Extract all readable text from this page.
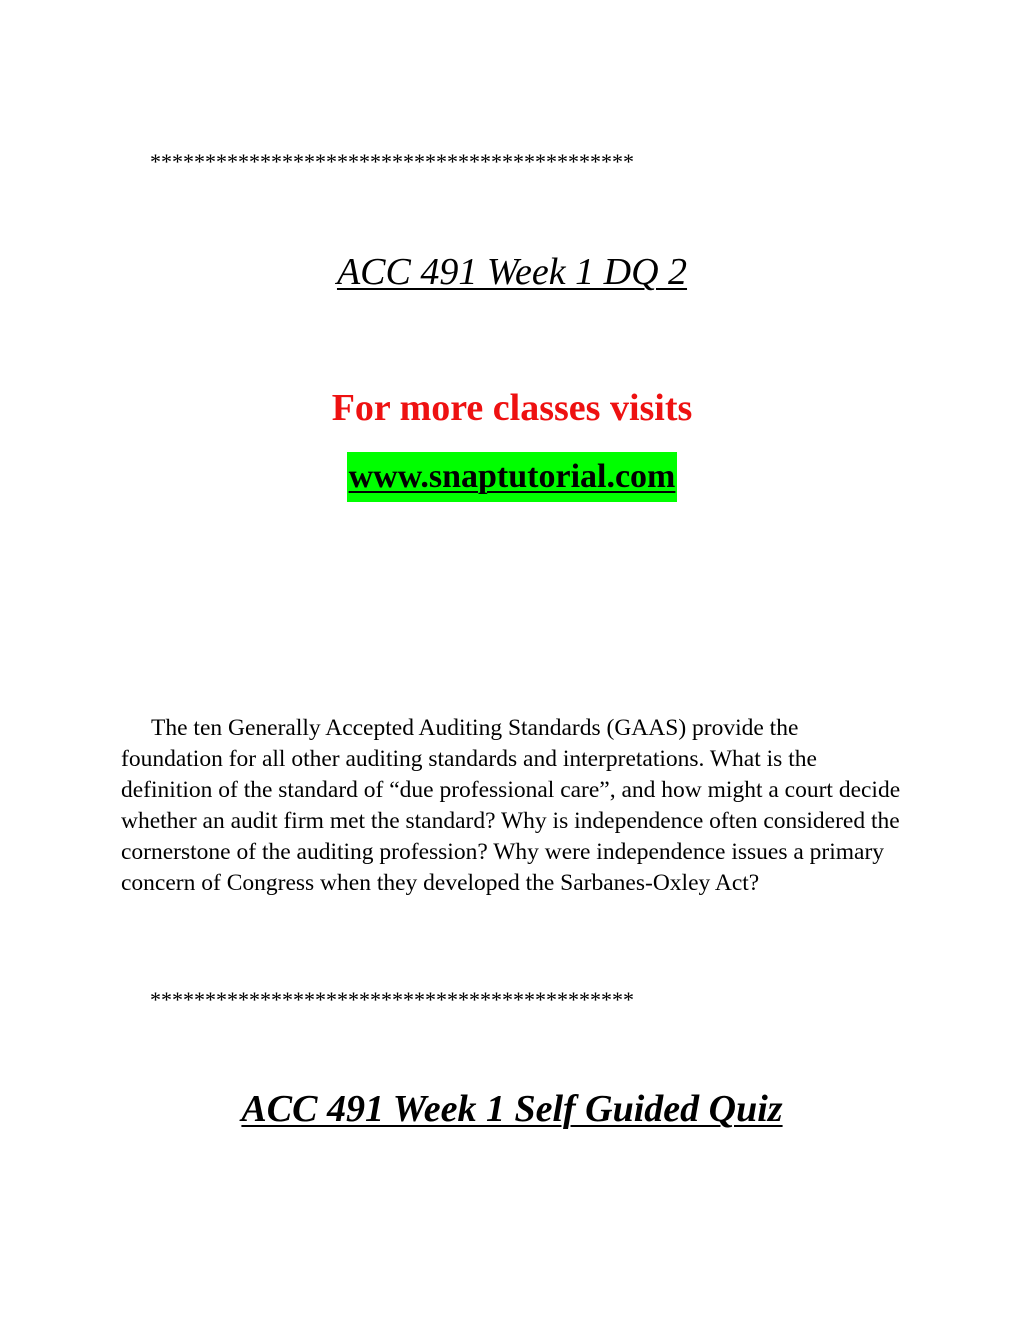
********************************************
ACC 491 Week 1 DQ 2
For more classes visits
www.snaptutorial.com

The ten Generally Accepted Auditing Standards (GAAS) provide the foundation for all other auditing standards and interpretations. What is the definition of the standard of “due professional care”, and how might a court decide whether an audit firm met the standard? Why is independence often considered the cornerstone of the auditing profession? Why were independence issues a primary concern of Congress when they developed the Sarbanes-Oxley Act?

********************************************
ACC 491 Week 1 Self Guided Quiz
